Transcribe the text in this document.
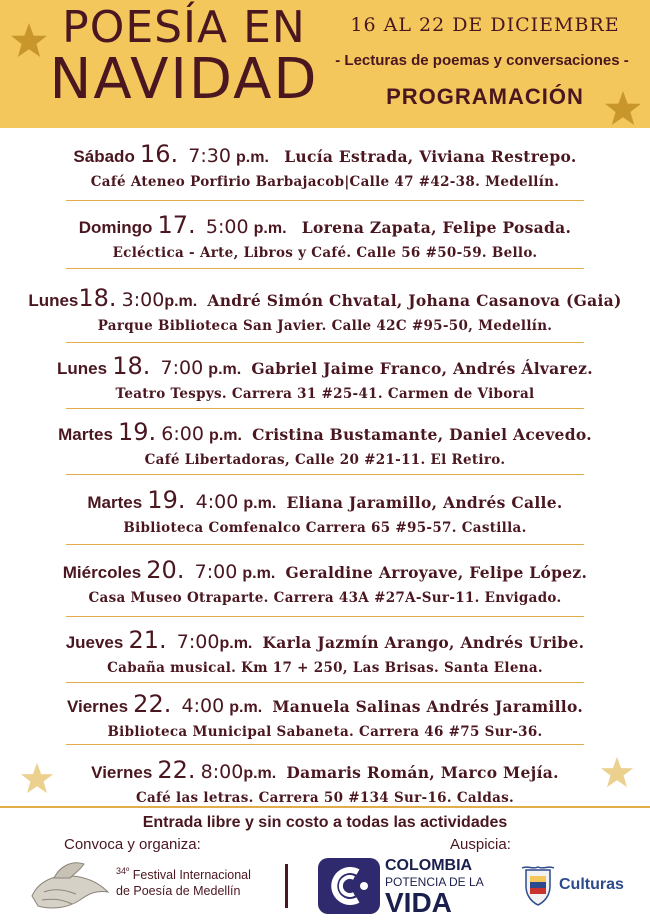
POESÍA EN
NAVIDAD
16 AL 22 DE DICIEMBRE
- Lecturas de poemas y conversaciones -
PROGRAMACIÓN
Sábado 16. 7:30 p.m. Lucía Estrada, Viviana Restrepo.
Café Ateneo Porfirio Barbajacob|Calle 47 #42-38. Medellín.
Domingo 17. 5:00 p.m. Lorena Zapata, Felipe Posada.
Ecléctica - Arte, Libros y Café. Calle 56 #50-59. Bello.
Lunes18. 3:00p.m. André Simón Chvatal, Johana Casanova (Gaia)
Parque Biblioteca San Javier. Calle 42C #95-50, Medellín.
Lunes 18. 7:00 p.m. Gabriel Jaime Franco, Andrés Álvarez.
Teatro Tespys. Carrera 31 #25-41. Carmen de Viboral
Martes 19. 6:00 p.m. Cristina Bustamante, Daniel Acevedo.
Café Libertadoras, Calle 20 #21-11. El Retiro.
Martes 19. 4:00 p.m. Eliana Jaramillo, Andrés Calle.
Biblioteca Comfenalco Carrera 65 #95-57. Castilla.
Miércoles 20. 7:00 p.m. Geraldine Arroyave, Felipe López.
Casa Museo Otraparte. Carrera 43A #27A-Sur-11. Envigado.
Jueves 21. 7:00p.m. Karla Jazmín Arango, Andrés Uribe.
Cabaña musical. Km 17 + 250, Las Brisas. Santa Elena.
Viernes 22. 4:00 p.m. Manuela Salinas Andrés Jaramillo.
Biblioteca Municipal Sabaneta. Carrera 46 #75 Sur-36.
Viernes 22. 8:00p.m. Damaris Román, Marco Mejía.
Café las letras. Carrera 50 #134 Sur-16. Caldas.
Entrada libre y sin costo a todas las actividades
Convoca y organiza:	Auspicia:
$^{34º}$ Festival Internacional
de Poesía de Medellín
COLOMBIA
POTENCIA DE LA
VIDA
Culturas
